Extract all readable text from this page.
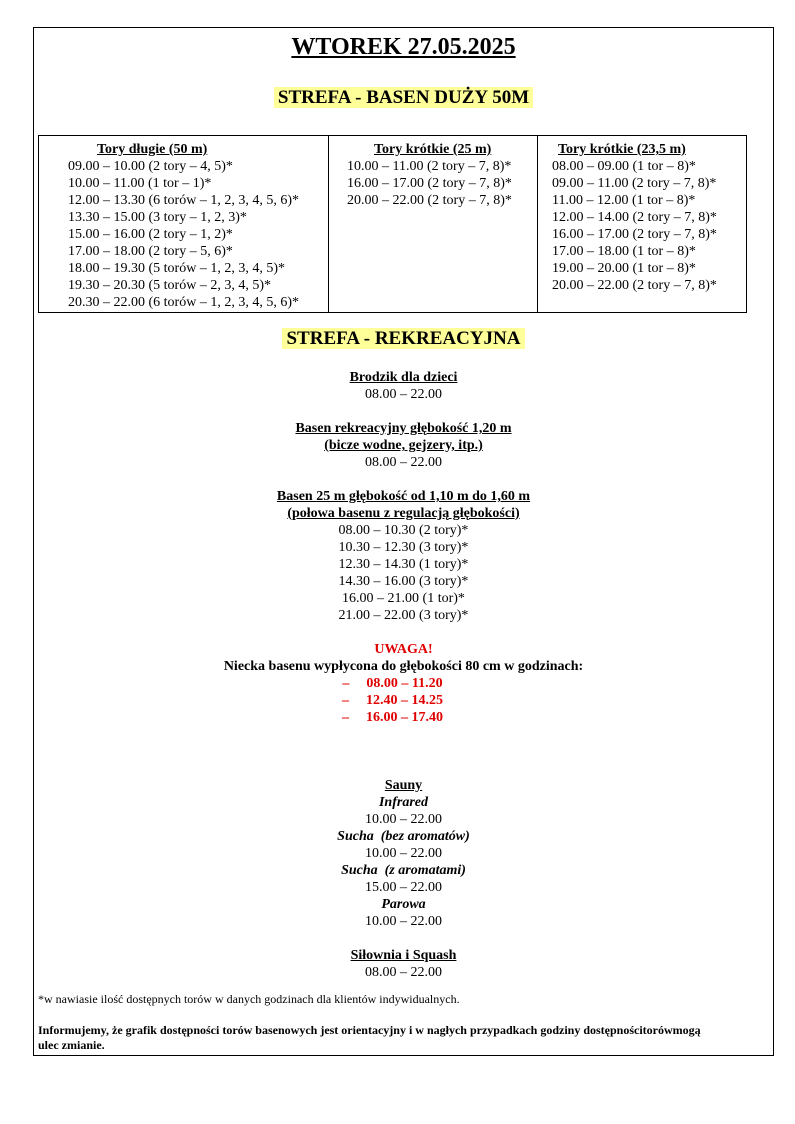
WTOREK 27.05.2025
STREFA - BASEN DUŻY 50M
Tory długie (50 m)
09.00 – 10.00 (2 tory – 4, 5)*
10.00 – 11.00 (1 tor – 1)*
12.00 – 13.30 (6 torów – 1, 2, 3, 4, 5, 6)*
13.30 – 15.00 (3 tory – 1, 2, 3)*
15.00 – 16.00 (2 tory – 1, 2)*
17.00 – 18.00 (2 tory – 5, 6)*
18.00 – 19.30 (5 torów – 1, 2, 3, 4, 5)*
19.30 – 20.30 (5 torów – 2, 3, 4, 5)*
20.30 – 22.00 (6 torów – 1, 2, 3, 4, 5, 6)*
Tory krótkie (25 m)
10.00 – 11.00 (2 tory – 7, 8)*
16.00 – 17.00 (2 tory – 7, 8)*
20.00 – 22.00 (2 tory – 7, 8)*
Tory krótkie (23,5 m)
08.00 – 09.00 (1 tor – 8)*
09.00 – 11.00 (2 tory – 7, 8)*
11.00 – 12.00 (1 tor – 8)*
12.00 – 14.00 (2 tory – 7, 8)*
16.00 – 17.00 (2 tory – 7, 8)*
17.00 – 18.00 (1 tor – 8)*
19.00 – 20.00 (1 tor – 8)*
20.00 – 22.00 (2 tory – 7, 8)*
STREFA - REKREACYJNA
Brodzik dla dzieci
08.00 – 22.00
Basen rekreacyjny głębokość 1,20 m
(bicze wodne, gejzery, itp.)
08.00 – 22.00
Basen 25 m głębokość od 1,10 m do 1,60 m
(połowa basenu z regulacją głębokości)
08.00 – 10.30 (2 tory)*
10.30 – 12.30 (3 tory)*
12.30 – 14.30 (1 tory)*
14.30 – 16.00 (3 tory)*
16.00 – 21.00 (1 tor)*
21.00 – 22.00 (3 tory)*
UWAGA!
Niecka basenu wypłycona do głębokości 80 cm w godzinach:
– 08.00 – 11.20
– 12.40 – 14.25
– 16.00 – 17.40
Sauny
Infrared
10.00 – 22.00
Sucha (bez aromatów)
10.00 – 22.00
Sucha (z aromatami)
15.00 – 22.00
Parowa
10.00 – 22.00
Siłownia i Squash
08.00 – 22.00
*w nawiasie ilość dostępnych torów w danych godzinach dla klientów indywidualnych.
Informujemy, że grafik dostępności torów basenowych jest orientacyjny i w nagłych przypadkach godziny dostępnościtorówmogą ulec zmianie.
